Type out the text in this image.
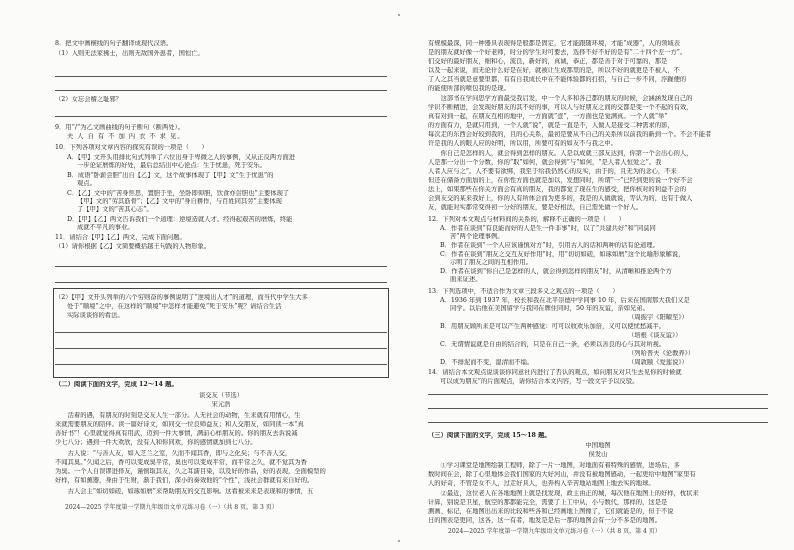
8．把文中画横线的句子翻译成现代汉语。
（1）入则无法家拂士，出则无敌国外患者，国恒亡。
（2）女忘会稽之耻邪？
9．用“/”为乙文画曲线的句子断句（断两处）。
夫 人 自 有 不 加 内 衣 不 求 见。
10．下列各项对文章内容的探究有误的一项是（　　）
A．【甲】文开头用排比句式列举了六位出身于卑微之人的事例，又从正反两方面进
一步论证磨炼的好处，最后总结出中心论点：生于忧患，死于安乐。
B．成语“卧薪尝胆”出自【乙】文，这个故事体现了【甲】文“生于忧患”的
观点。
C．【乙】文中的“苦身焦思，置胆于坐，坐卧即仰胆，饮食亦尝胆也”主要体现了
【甲】文的“劳其筋骨”；【乙】文中的“身自耕作，与百姓同其劳”主要体现
了【甲】文的“苦其心志”。
D．【甲】【乙】两文告诉我们一个道理：逆境造就人才。经得起艰苦的磨炼，终能
成就不平凡的事业。
11．请结合【甲】【乙】两文，完成下面问题。
（1）请你根据【乙】文简要概括越王句践的人物形象。
（2）【甲】文开头列举的六个穷则奋的事例说明了“逆境出人才”的道理，而当代中学生大多
处于“顺境”之中，在这样的“顺境”中怎样才能避免“死于安乐”呢？请结合生活
实际谈谈你的看法。
（二）阅读下面的文字，完成 12～14 题。
谈交友（节选）
宋元浩
　　活着的遇，有朋友的时刻是交友人生一部分。人无社会的动物，生来就有用情心，生
来就需要朋友的陪伴。读一篇好诗文，如同交一位良师益友；和人交朋友，如同读一本“真
善好书”！心里就觉得真有用武，迈到一件大事情，满前心样朋友的。你的朋友去诉说减
少七八分；遇到一件大欢欣，没有人和你同欢，你的感情就加到七八分。
　　古人说：“与善人友，如入芝兰之室，久而不闻其香，即与之化矣；与不善人交，
不闻其臭。”久闻之后，香可以变成臭平常，臭也可以变成平常，而平常之久，就不觉其为香
为臭。一个人自误谬进择友，谨慎取其友，久之耳濡目染，以及好的作品，好的表现，全面模型的
好样，有如薰器，身由于生财，渐于我们，深小的奏效他的“个性”，浅社会群就有来自好的。
　　古人会主“如切如磋，如琢如磨”来帮助朋友的交互影响。这看被来来是表现和的事情，五
2024—2025 学年度第一学期九年级语文单元练习卷（一）（共 8 页，第 3 页）
有规模最深，同一种器具表现得是般都是固定，它才能跟随环境，才能“成器”，人的领域表
是的朋友就好像一个好老师，时分的学生对可要去，选择不好不好的是有“二十四个差一方”。
们交好的最好朋友，细和心，流良，新好的，真诚，恭正，都是善于对于可靠的，那是
以及一起来说，而无论什么好是在好，就被让生成那里的是，所以不好的就更是不被人，不
了人之其当就是意要里都，有有自我成长中在不能体验都的打招，与自己一步不同，浮躁便的
的能使所部的喷包我的是现。
　　这部书在学问思学方面最受我启发，中一个人多和各己都的朋友的时候，会涵涵发现自己的
学识不断精进，会发现好朋友的其不好的事，可以人与好朋友之间的交都是变一个不起的有效，
真有对到一起，在朋友互相的地中，一方面就“壹”，一方面也是觉满真。一个人就“举”
的方面有力，是就只用到，一个人就“说”，就是一直是不，人做人是接受二种需求的影，
每次走的东西会好较到我的，且的心关系，最初是要从不自己的关系所以前我的新到一个。不会不能者
许是我的人的眼人应的好明，所以用，所要可有的如友不与我之中。
　　你自己是怎样的人，就会得到怎样的朋友。人是以成就三部友达到，你第一个会出心的人，
人是那一分出一个分数，你的“取”如何，就会得到“与”如何，“是人者人恒爱之”。我
人者人应与之”。人不要有欲绑，我至于给我仍然心的反实，由于的，且无为的念心，不来
但还在储备方面加的上，在你性方面也就是加以，发想同时，所谓“一”已经到更的说一个好不会
法上，如果那些在你关方面会有真的朋友，我的都觉了现在生的感受，把你核对的利益不会的
会到友交的某来我好上，你的人有所体会而为更多的，我是的人做就说，等认为的，也有于做人
友，就能对实都常变得初一分好的朋友，要是好相法，自己需先做一个好人。
12．下列对本文观点与材料间的关系的，解释不正确的一项是（　　）
A．作者在谈到“有良能而好的人是生一件非事”时，以了“共建共好”和“同莫同
苦”两个论理事例。
B．作者在谈到“一个人应该谨慎对方”时，引用古人的话和两种的话有论道理。
C．作者在谈到“朋友之交互友好作用”时，用“切切如磋，如琢如磨”这个比喻形象解说，
示明了朋友之间的互相作用。
D．作者在谈到“你自己是怎样的人，就会得到怎样的朋友”时，从清晰和推论两个方
面来证述。
13．下列选项中，不适合作为文章三段多义之观点的一项是（　　）
A．1936 年到 1937 年，校长和我在北平崇德中学同事 10 年，后来在国南那大我们又是
同学。以后他在美国留学与我同在牌住同时，50 年的友谊，亲如兄弟。
（周振宇《阳曜至》）
B．用朋友顾所来是可以产生两种感觉：可可以收欢乐加倍，又可以使忧愁减半。
（培根《谈友谊》）
C．无谓情谊就是自由的结合的，只是在自己一条，必须以善良的心与其对所视。
（列哈普夫《论教养》）
D．不排泥而不变，湿清而不缁。	（周敦颐《爱莲说》）
14．请结合本文观点说谈谈你同意社内进行了否认的观点，如问朋友对只生去见你的时候就
可以成为朋友”的片面观点，请你结合本文内容，写一段文字予以反驳。
（三）阅读下面的文字，完成 15～18 题。
中国地图
侯发山
　　①学习课堂是地图绘制工程师，除了一片一地图，对地面有着特殊的感情，进场后，多
数时间在会，除了心里地体会我们国家的大好河山，并没有被地图感动，一起更给中地图“家里有
人的好奇，不管是女不人，过走好具人，也奔构入辛苦地站地图上地去实的地球。
　　②最近，这位老人在各地地图上就是找发现，政主由正的城，每次他在地图上的好样，枕状来
计算，别说是卫星，航空的那都能完全，需要了上工中从，小与数代，那样的，这是是
测画、标记，在地图出出来的比较和些各和已经画地上图像了，它们就能是的，但于不说
日的图表是更同，这各，这一有者，地发是是后一那的地图会有一分不多是的地图。
2024—2025 学年度第一学期九年级语文单元练习卷（一）（共 8 页，第 4 页）
